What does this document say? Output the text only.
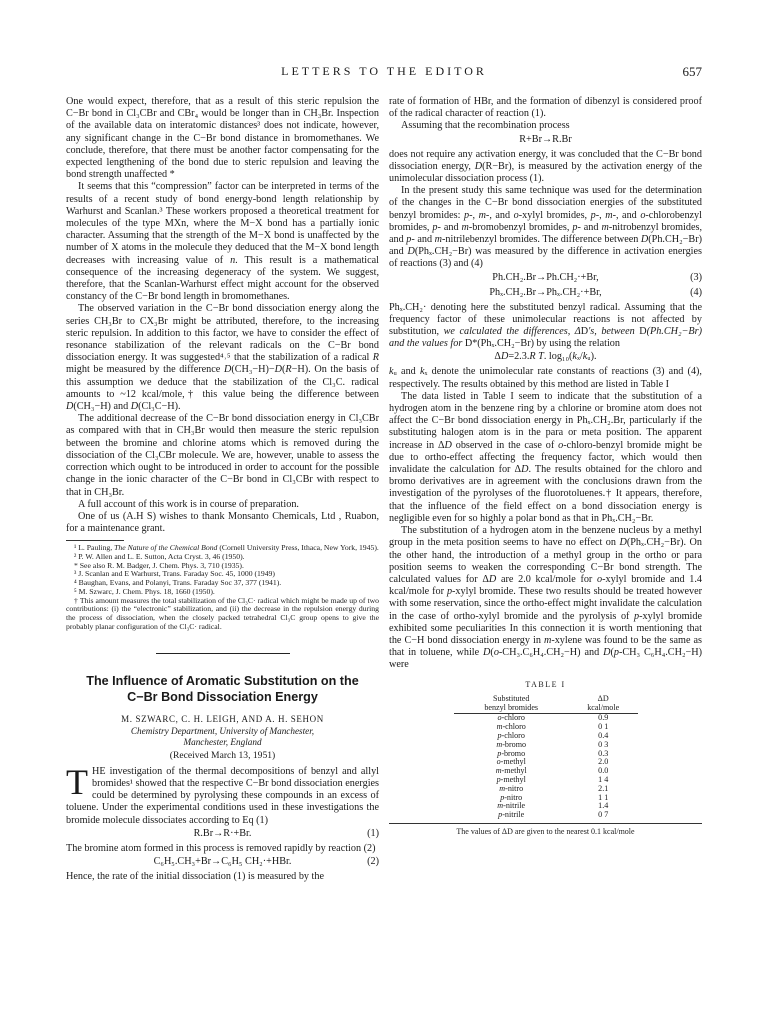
LETTERS TO THE EDITOR	657

One would expect, therefore, that as a result of this steric repulsion the C−Br bond in Cl₃CBr and CBr₄ would be longer than in CH₃Br. Inspection of the available data on interatomic distances³ does not indicate, however, any significant change in the C−Br bond distance in bromomethanes. We conclude, therefore, that there must be another factor compensating for the expected lengthening of the bond due to steric repulsion and leaving the bond strength unaffected *

It seems that this “compression” factor can be interpreted in terms of the results of a recent study of bond energy-bond length relationship by Warhurst and Scanlan.³ These workers proposed a theoretical treatment for molecules of the type MXn, where the M−X bond has a partially ionic character. Assuming that the strength of the M−X bond is unaffected by the number of X atoms in the molecule they deduced that the M−X bond length decreases with increasing value of n. This result is a mathematical consequence of the increasing degeneracy of the system. We suggest, therefore, that the Scanlan-Warhurst effect might account for the observed constancy of the C−Br bond length in bromomethanes.

The observed variation in the C−Br bond dissociation energy along the series CH₃Br to CX₃Br might be attributed, therefore, to the increasing steric repulsion. In addition to this factor, we have to consider the effect of resonance stabilization of the relevant radicals on the C−Br bond dissociation energy. It was suggested⁴˒⁵ that the stabilization of a radical R might be measured by the difference D(CH₃−H)−D(R−H). On the basis of this assumption we deduce that the stabilization of the Cl₃C. radical amounts to ~12 kcal/mole,† this value being the difference between D(CH₃−H) and D(Cl₃C−H).

The additional decrease of the C−Br bond dissociation energy in Cl₃CBr as compared with that in CH₃Br would then measure the steric repulsion between the bromine and chlorine atoms which is removed during the dissociation of the Cl₃CBr molecule. We are, however, unable to assess the correction which ought to be introduced in order to account for the possible change in the ionic character of the C−Br bond in Cl₃CBr with respect to that in CH₃Br.

A full account of this work is in course of preparation.

One of us (A.H S) wishes to thank Monsanto Chemicals, Ltd , Ruabon, for a maintenance grant.

¹ L. Pauling, The Nature of the Chemical Bond (Cornell University Press, Ithaca, New York, 1945).
² P. W. Allen and L. E. Sutton, Acta Cryst. 3, 46 (1950).
* See also R. M. Badger, J. Chem. Phys. 3, 710 (1935).
³ J. Scanlan and E Warhurst, Trans. Faraday Soc. 45, 1000 (1949)
⁴ Baughan, Evans, and Polanyi, Trans. Faraday Soc 37, 377 (1941).
⁵ M. Szwarc, J. Chem. Phys. 18, 1660 (1950).
† This amount measures the total stabilization of the Cl₃C· radical which might be made up of two contributions: (i) the “electronic” stabilization, and (ii) the decrease in the repulsion energy during the process of dissociation, when the closely packed tetrahedral Cl₃C group opens to give the probably planar configuration of the Cl₃C· radical.
The Influence of Aromatic Substitution on the C−Br Bond Dissociation Energy
M. SZWARC, C. H. LEIGH, AND A. H. SEHON
Chemistry Department, University of Manchester,
Manchester, England
(Received March 13, 1951)

THE investigation of the thermal decompositions of benzyl and allyl bromides¹ showed that the respective C−Br bond dissociation energies could be determined by pyrolysing these compounds in an excess of toluene. Under the experimental conditions used in these investigations the bromide molecule dissociates according to Eq (1)

R.Br→R·+Br.	(1)

The bromine atom formed in this process is removed rapidly by reaction (2)

C₆H₅.CH₃+Br→C₆H₅ CH₂·+HBr.	(2)

Hence, the rate of the initial dissociation (1) is measured by the

rate of formation of HBr, and the formation of dibenzyl is considered proof of the radical character of reaction (1).

Assuming that the recombination process

R+Br→R.Br

does not require any activation energy, it was concluded that the C−Br bond dissociation energy, D(R−Br), is measured by the activation energy of the unimolecular dissociation process (1).

In the present study this same technique was used for the determination of the changes in the C−Br bond dissociation energies of the substituted benzyl bromides: p-, m-, and o-xylyl bromides, p-, m-, and o-chlorobenzyl bromides, p- and m-bromobenzyl bromides, p- and m-nitrobenzyl bromides, and p- and m-nitrilebenzyl bromides. The difference between D(Ph.CH₂−Br) and D(Phₓ.CH₂−Br) was measured by the difference in activation energies of reactions (3) and (4)

Ph.CH₂.Br→Ph.CH₂·+Br,	(3)
Phₓ.CH₂.Br→Phₓ.CH₂·+Br,	(4)

Phₓ.CH₂· denoting here the substituted benzyl radical. Assuming that the frequency factor of these unimolecular reactions is not affected by substitution, we calculated the differences, ΔD's, between D(Ph.CH₂−Br) and the values for D*(Phₓ.CH₂−Br) by using the relation

ΔD=2.3.R T. log₁₀(kₓ/kᵤ).

kᵤ and kₓ denote the unimolecular rate constants of reactions (3) and (4), respectively. The results obtained by this method are listed in Table I

The data listed in Table I seem to indicate that the substitution of a hydrogen atom in the benzene ring by a chlorine or bromine atom does not affect the C−Br bond dissociation energy in Phₓ.CH₂.Br, particularly if the substituting halogen atom is in the para or meta position. The apparent increase in ΔD observed in the case of o-chloro-benzyl bromide might be due to ortho-effect affecting the frequency factor, which would then invalidate the calculation for ΔD. The results obtained for the chloro and bromo derivatives are in agreement with the conclusions drawn from the investigation of the pyrolyses of the fluorotoluenes.† It appears, therefore, that the influence of the field effect on a bond dissociation energy is negligible even for so highly a polar bond as that in Phₓ.CH₂−Br.

The substitution of a hydrogen atom in the benzene nucleus by a methyl group in the meta position seems to have no effect on D(Phₓ.CH₂−Br). On the other hand, the introduction of a methyl group in the ortho or para position seems to weaken the corresponding C−Br bond strength. The calculated values for ΔD are 2.0 kcal/mole for o-xylyl bromide and 1.4 kcal/mole for p-xylyl bromide. These two results should be treated however with some reservation, since the ortho-effect might invalidate the calculation in the case of ortho-xylyl bromide and the pyrolysis of p-xylyl bromide exhibited some peculiarities In this connection it is worth mentioning that the C−H bond dissociation energy in m-xylene was found to be the same as that in toluene, while D(o-CH₃.C₆H₄.CH₂−H) and D(p-CH₃ C₆H₄.CH₂−H) were

TABLE I
Substituted
benzyl bromides	ΔD
kcal/mole
o-chloro	0.9
m-chloro	0 1
p-chloro	0.4
m-bromo	0 3
p-bromo	0.3
o-methyl	2.0
m-methyl	0.0
p-methyl	1 4
m-nitro	2.1
p-nitro	1 1
m-nitrile	1.4
p-nitrile	0 7
The values of ΔD are given to the nearest 0.1 kcal/mole
